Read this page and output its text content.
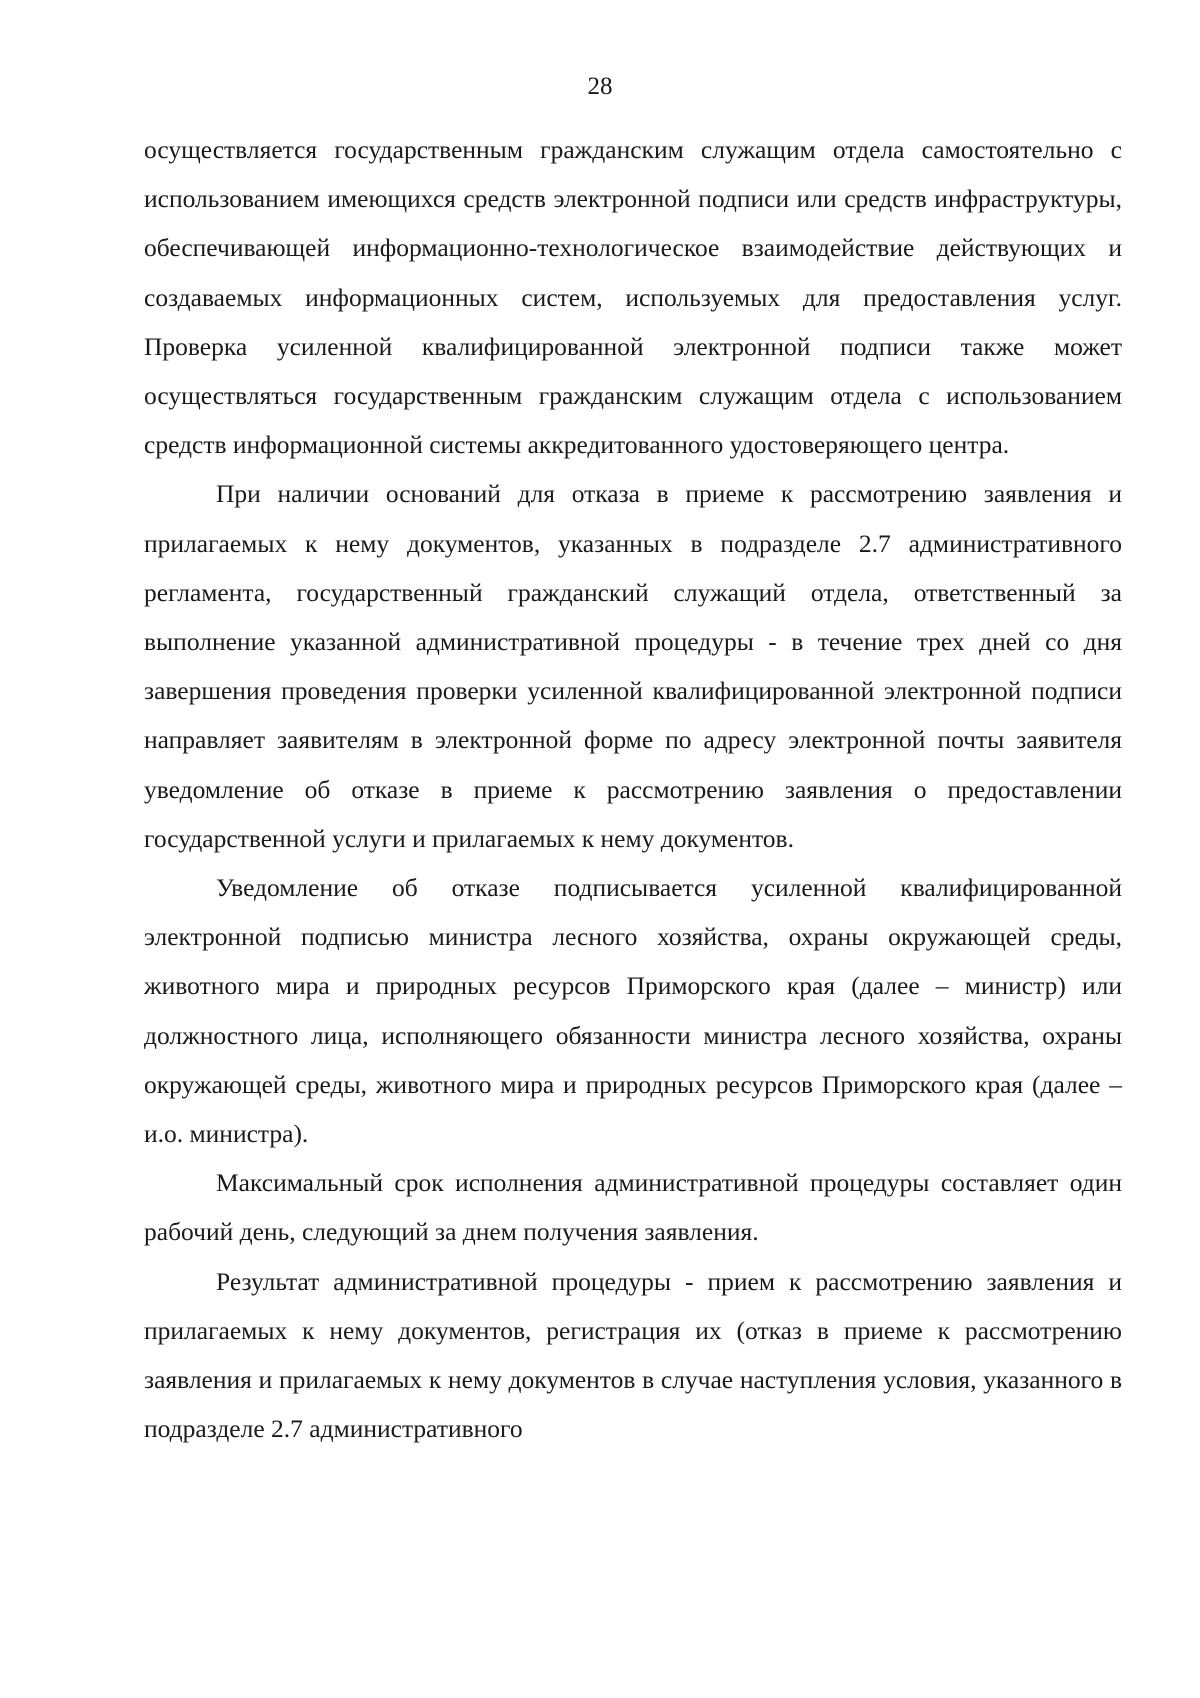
28

осуществляется государственным гражданским служащим отдела самостоятельно с использованием имеющихся средств электронной подписи или средств инфраструктуры, обеспечивающей информационно-технологическое взаимодействие действующих и создаваемых информационных систем, используемых для предоставления услуг. Проверка усиленной квалифицированной электронной подписи также может осуществляться государственным гражданским служащим отдела с использованием средств информационной системы аккредитованного удостоверяющего центра.

При наличии оснований для отказа в приеме к рассмотрению заявления и прилагаемых к нему документов, указанных в подразделе 2.7 административного регламента, государственный гражданский служащий отдела, ответственный за выполнение указанной административной процедуры - в течение трех дней со дня завершения проведения проверки усиленной квалифицированной электронной подписи направляет заявителям в электронной форме по адресу электронной почты заявителя уведомление об отказе в приеме к рассмотрению заявления о предоставлении государственной услуги и прилагаемых к нему документов.

Уведомление об отказе подписывается усиленной квалифицированной электронной подписью министра лесного хозяйства, охраны окружающей среды, животного мира и природных ресурсов Приморского края (далее – министр) или должностного лица, исполняющего обязанности министра лесного хозяйства, охраны окружающей среды, животного мира и природных ресурсов Приморского края (далее – и.о. министра).

Максимальный срок исполнения административной процедуры составляет один рабочий день, следующий за днем получения заявления.

Результат административной процедуры - прием к рассмотрению заявления и прилагаемых к нему документов, регистрация их (отказ в приеме к рассмотрению заявления и прилагаемых к нему документов в случае наступления условия, указанного в подразделе 2.7 административного
